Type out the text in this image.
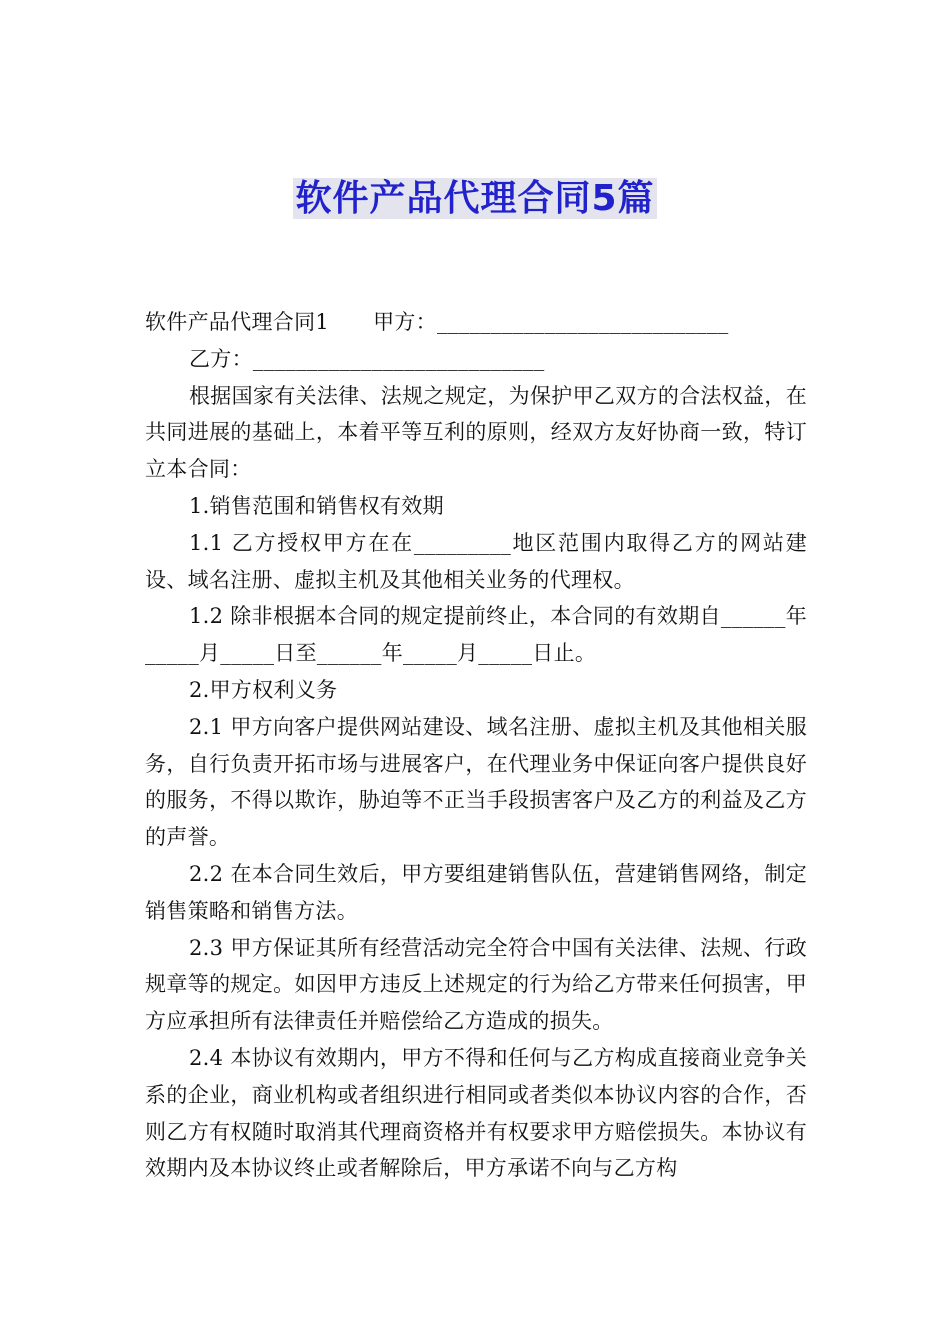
软件产品代理合同5篇

软件产品代理合同1 甲方：___________________________

乙方：___________________________

根据国家有关法律、法规之规定，为保护甲乙双方的合法权益，在共同进展的基础上，本着平等互利的原则，经双方友好协商一致，特订立本合同：

1.销售范围和销售权有效期

1.1 乙方授权甲方在在_________地区范围内取得乙方的网站建设、域名注册、虚拟主机及其他相关业务的代理权。

1.2 除非根据本合同的规定提前终止，本合同的有效期自______年_____月_____日至______年_____月_____日止。

2.甲方权利义务

2.1 甲方向客户提供网站建设、域名注册、虚拟主机及其他相关服务，自行负责开拓市场与进展客户，在代理业务中保证向客户提供良好的服务，不得以欺诈，胁迫等不正当手段损害客户及乙方的利益及乙方的声誉。

2.2 在本合同生效后，甲方要组建销售队伍，营建销售网络，制定销售策略和销售方法。

2.3 甲方保证其所有经营活动完全符合中国有关法律、法规、行政规章等的规定。如因甲方违反上述规定的行为给乙方带来任何损害，甲方应承担所有法律责任并赔偿给乙方造成的损失。

2.4 本协议有效期内，甲方不得和任何与乙方构成直接商业竞争关系的企业，商业机构或者组织进行相同或者类似本协议内容的合作，否则乙方有权随时取消其代理商资格并有权要求甲方赔偿损失。本协议有效期内及本协议终止或者解除后，甲方承诺不向与乙方构
